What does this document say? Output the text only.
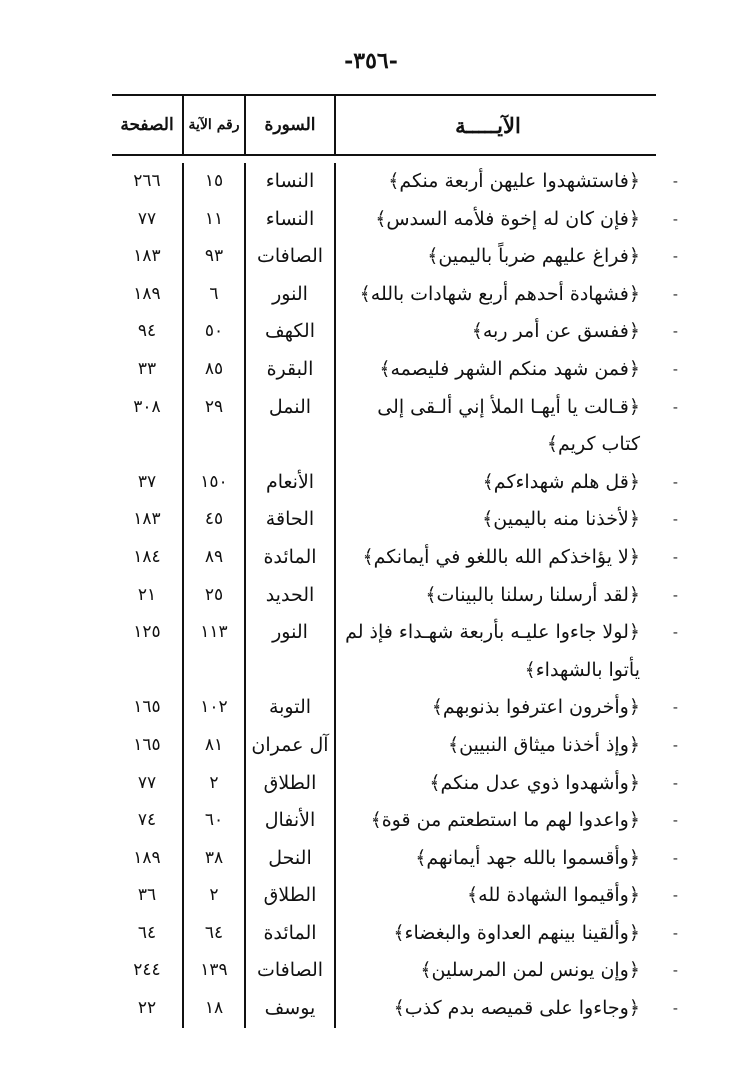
-٣٥٦-
الآيـــــة
السورة
رقم الآية
الصفحة
-
﴿فاستشهدوا عليهن أربعة منكم﴾
النساء
١٥
٢٦٦
-
﴿فإن كان له إخوة فلأمه السدس﴾
النساء
١١
٧٧
-
﴿فراغ عليهم ضرباً باليمين﴾
الصافات
٩٣
١٨٣
-
﴿فشهادة أحدهم أربع شهادات بالله﴾
النور
٦
١٨٩
-
﴿ففسق عن أمر ربه﴾
الكهف
٥٠
٩٤
-
﴿فمن شهد منكم الشهر فليصمه﴾
البقرة
٨٥
٣٣
-
﴿قـالت يا أيهـا الملأ إني ألـقى إلى كتاب كريم﴾
النمل
٢٩
٣٠٨
-
﴿قل هلم شهداءكم﴾
الأنعام
١٥٠
٣٧
-
﴿لأخذنا منه باليمين﴾
الحاقة
٤٥
١٨٣
-
﴿لا يؤاخذكم الله باللغو في أيمانكم﴾
المائدة
٨٩
١٨٤
-
﴿لقد أرسلنا رسلنا بالبينات﴾
الحديد
٢٥
٢١
-
﴿لولا جاءوا عليـه بأربعة شهـداء فإذ لم يأتوا بالشهداء﴾
النور
١١٣
١٢٥
-
﴿وأخرون اعترفوا بذنوبهم﴾
التوبة
١٠٢
١٦٥
-
﴿وإذ أخذنا ميثاق النبيين﴾
آل عمران
٨١
١٦٥
-
﴿وأشهدوا ذوي عدل منكم﴾
الطلاق
٢
٧٧
-
﴿واعدوا لهم ما استطعتم من قوة﴾
الأنفال
٦٠
٧٤
-
﴿وأقسموا بالله جهد أيمانهم﴾
النحل
٣٨
١٨٩
-
﴿وأقيموا الشهادة لله﴾
الطلاق
٢
٣٦
-
﴿وألقينا بينهم العداوة والبغضاء﴾
المائدة
٦٤
٦٤
-
﴿وإن يونس لمن المرسلين﴾
الصافات
١٣٩
٢٤٤
-
﴿وجاءوا على قميصه بدم كذب﴾
يوسف
١٨
٢٢
